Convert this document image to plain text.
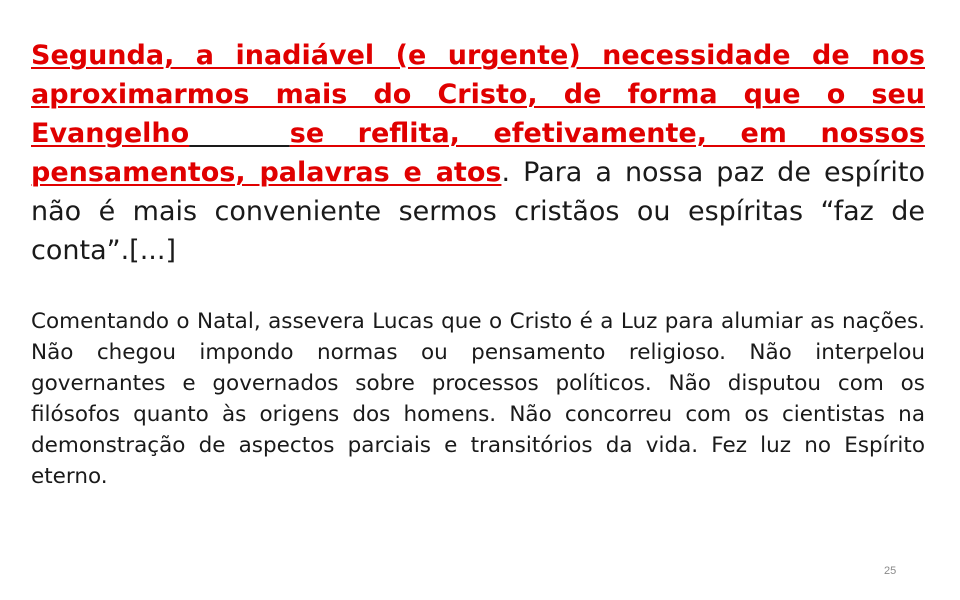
Segunda, a inadiável (e urgente) necessidade de nos aproximarmos mais do Cristo, de forma que o seu Evangelho	se reflita, efetivamente, em nossos pensamentos, palavras e atos. Para a nossa paz de espírito não é mais conveniente sermos cristãos ou espíritas “faz de conta”.[...]

Comentando o Natal, assevera Lucas que o Cristo é a Luz para alumiar as nações. Não chegou impondo normas ou pensamento religioso. Não interpelou governantes e governados sobre processos políticos. Não disputou com os filósofos quanto às origens dos homens. Não concorreu com os cientistas na demonstração de aspectos parciais e transitórios da vida. Fez luz no Espírito eterno.

25
